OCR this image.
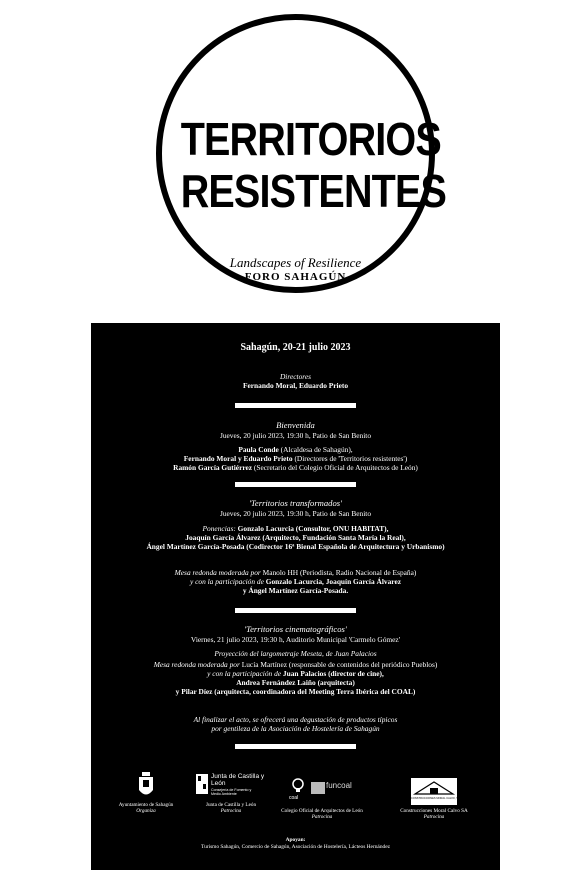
TERRITORIOS
RESISTENTES
Landscapes of Resilience
FORO SAHAGÚN
Sahagún, 20-21 julio 2023
Directores
Fernando Moral, Eduardo Prieto
Bienvenida
Jueves, 20 julio 2023, 19:30 h, Patio de San Benito
Paula Conde (Alcaldesa de Sahagún),
Fernando Moral y Eduardo Prieto (Directores de 'Territorios resistentes')
Ramón García Gutiérrez (Secretario del Colegio Oficial de Arquitectos de León)
'Territorios transformados'
Jueves, 20 julio 2023, 19:30 h, Patio de San Benito
Ponencias: Gonzalo Lacurcia (Consultor, ONU HABITAT),
Joaquín García Álvarez (Arquitecto, Fundación Santa María la Real),
Ángel Martínez García-Posada (Codirector 16ª Bienal Española de Arquitectura y Urbanismo)
Mesa redonda moderada por Manolo HH (Periodista, Radio Nacional de España)
y con la participación de Gonzalo Lacurcia, Joaquín García Álvarez
y Ángel Martínez García-Posada.
'Territorios cinematográficos'
Viernes, 21 julio 2023, 19:30 h, Auditorio Municipal 'Carmelo Gómez'
Proyección del largometraje Meseta, de Juan Palacios
Mesa redonda moderada por Lucía Martínez (responsable de contenidos del periódico Pueblos)
y con la participación de Juan Palacios (director de cine),
Andrea Fernández Laiño (arquitecta)
y Pilar Díez (arquitecta, coordinadora del Meeting Terra Ibérica del COAL)
Al finalizar el acto, se ofrecerá una degustación de productos típicos
por gentileza de la Asociación de Hostelería de Sahagún
Ayuntamiento de Sahagún
Organiza
Junta de Castilla y León
Consejería de Fomento y Medio Ambiente
Junta de Castilla y León
Patrocina
coal
funcoal
Colegio Oficial de Arquitectos de León
Patrocina
CONSTRUCCIONES MORAL CALVO, S.A.
Construcciones Moral Calvo SA
Patrocina
Apoyan:
Turismo Sahagún, Comercio de Sahagún, Asociación de Hostelería, Lácteos Hernández
